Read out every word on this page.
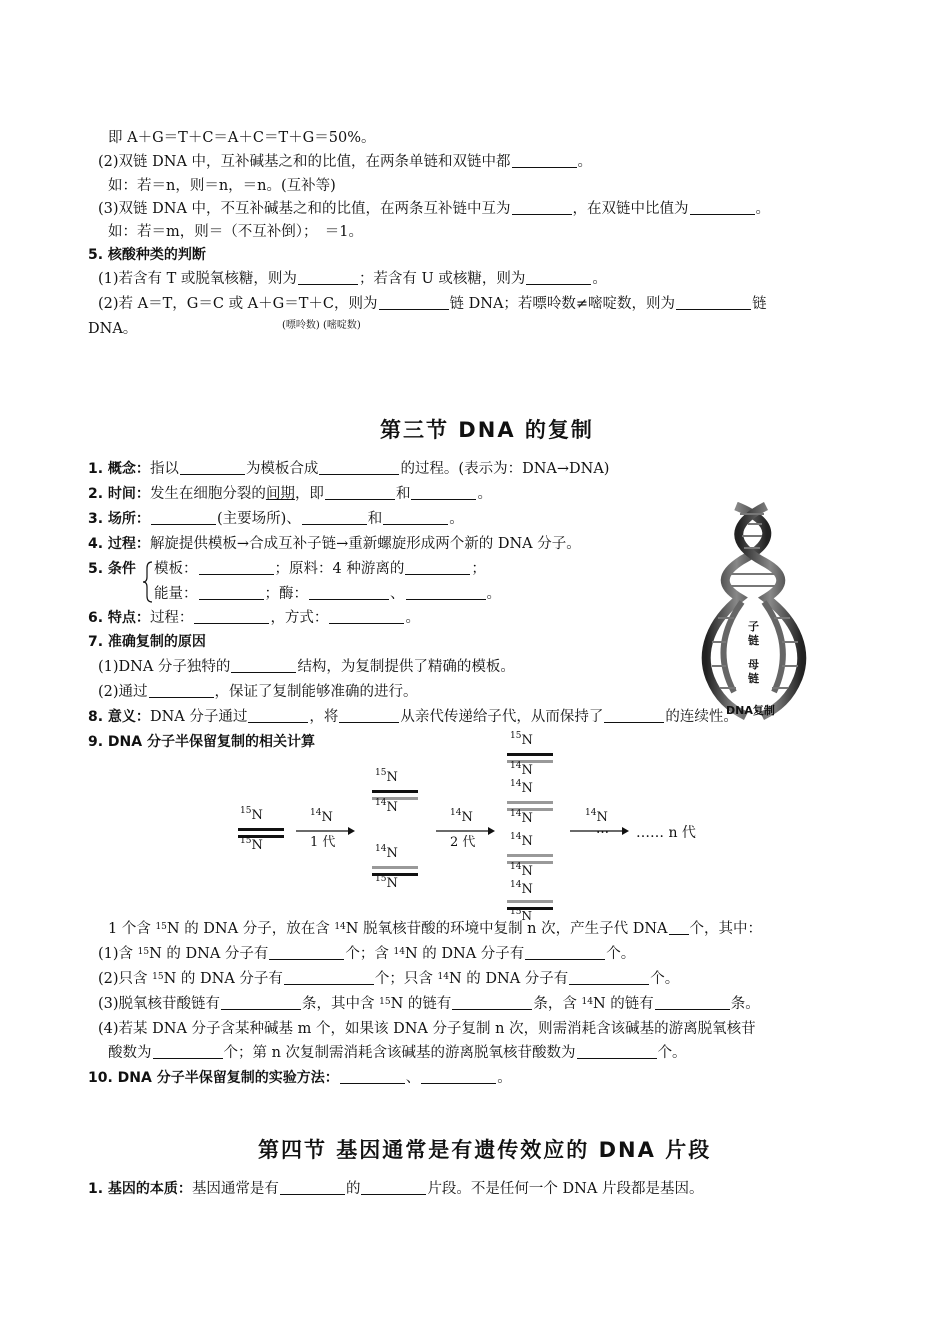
即 A＋G＝T＋C＝A＋C＝T＋G＝50%。
(2)双链 DNA 中，互补碱基之和的比值，在两条单链和双链中都	。
如：若＝n，则＝n，＝n。(互补等)
(3)双链 DNA 中，不互补碱基之和的比值，在两条互补链中互为	，在双链中比值为	。
如：若＝m，则＝（不互补倒）；　＝1。
5. 核酸种类的判断
(1)若含有 T 或脱氧核糖，则为	；若含有 U 或核糖，则为	。
(2)若 A＝T，G＝C 或 A＋G＝T＋C，则为	链 DNA；若嘌呤数≠嘧啶数，则为	链
(嘌呤数) (嘧啶数)
DNA。
第三节 DNA 的复制
1. 概念：指以	为模板合成	的过程。(表示为：DNA→DNA)
2. 时间：发生在细胞分裂的间期，即	和	。
3. 场所：	(主要场所)、	和	。
4. 过程：解旋提供模板→合成互补子链→重新螺旋形成两个新的 DNA 分子。
5. 条件 模板：	；原料：4 种游离的	；
能量：	；酶：	、	。
6. 特点：过程：	，方式：	。
7. 准确复制的原因
(1)DNA 分子独特的	结构，为复制提供了精确的模板。
(2)通过	，保证了复制能够准确的进行。
子
链
母
链
DNA复制
8. 意义：DNA 分子通过	，将	从亲代传递给子代，从而保持了	的连续性。
9. DNA 分子半保留复制的相关计算
$^{15}$N
$^{15}$N
$^{14}$N
1 代
$^{15}$N
$^{14}$N
$^{14}$N
$^{15}$N
$^{14}$N
2 代
$^{15}$N
$^{14}$N
$^{14}$N
$^{14}$N
$^{14}$N
$^{14}$N
$^{14}$N
$^{15}$N
$^{14}$N
… …… n 代
1 个含 $^{15}$N 的 DNA 分子，放在含 $^{14}$N 脱氧核苷酸的环境中复制 n 次，产生子代 DNA 个，其中：
(1)含 $^{15}$N 的 DNA 分子有	个；含 $^{14}$N 的 DNA 分子有	个。
(2)只含 $^{15}$N 的 DNA 分子有	个；只含 $^{14}$N 的 DNA 分子有	个。
(3)脱氧核苷酸链有	条，其中含 $^{15}$N 的链有	条，含 $^{14}$N 的链有	条。
(4)若某 DNA 分子含某种碱基 m 个，如果该 DNA 分子复制 n 次，则需消耗含该碱基的游离脱氧核苷
酸数为	个；第 n 次复制需消耗含该碱基的游离脱氧核苷酸数为	个。
10. DNA 分子半保留复制的实验方法：	、	。
第四节 基因通常是有遗传效应的 DNA 片段
1. 基因的本质：基因通常是有	的	片段。不是任何一个 DNA 片段都是基因。
